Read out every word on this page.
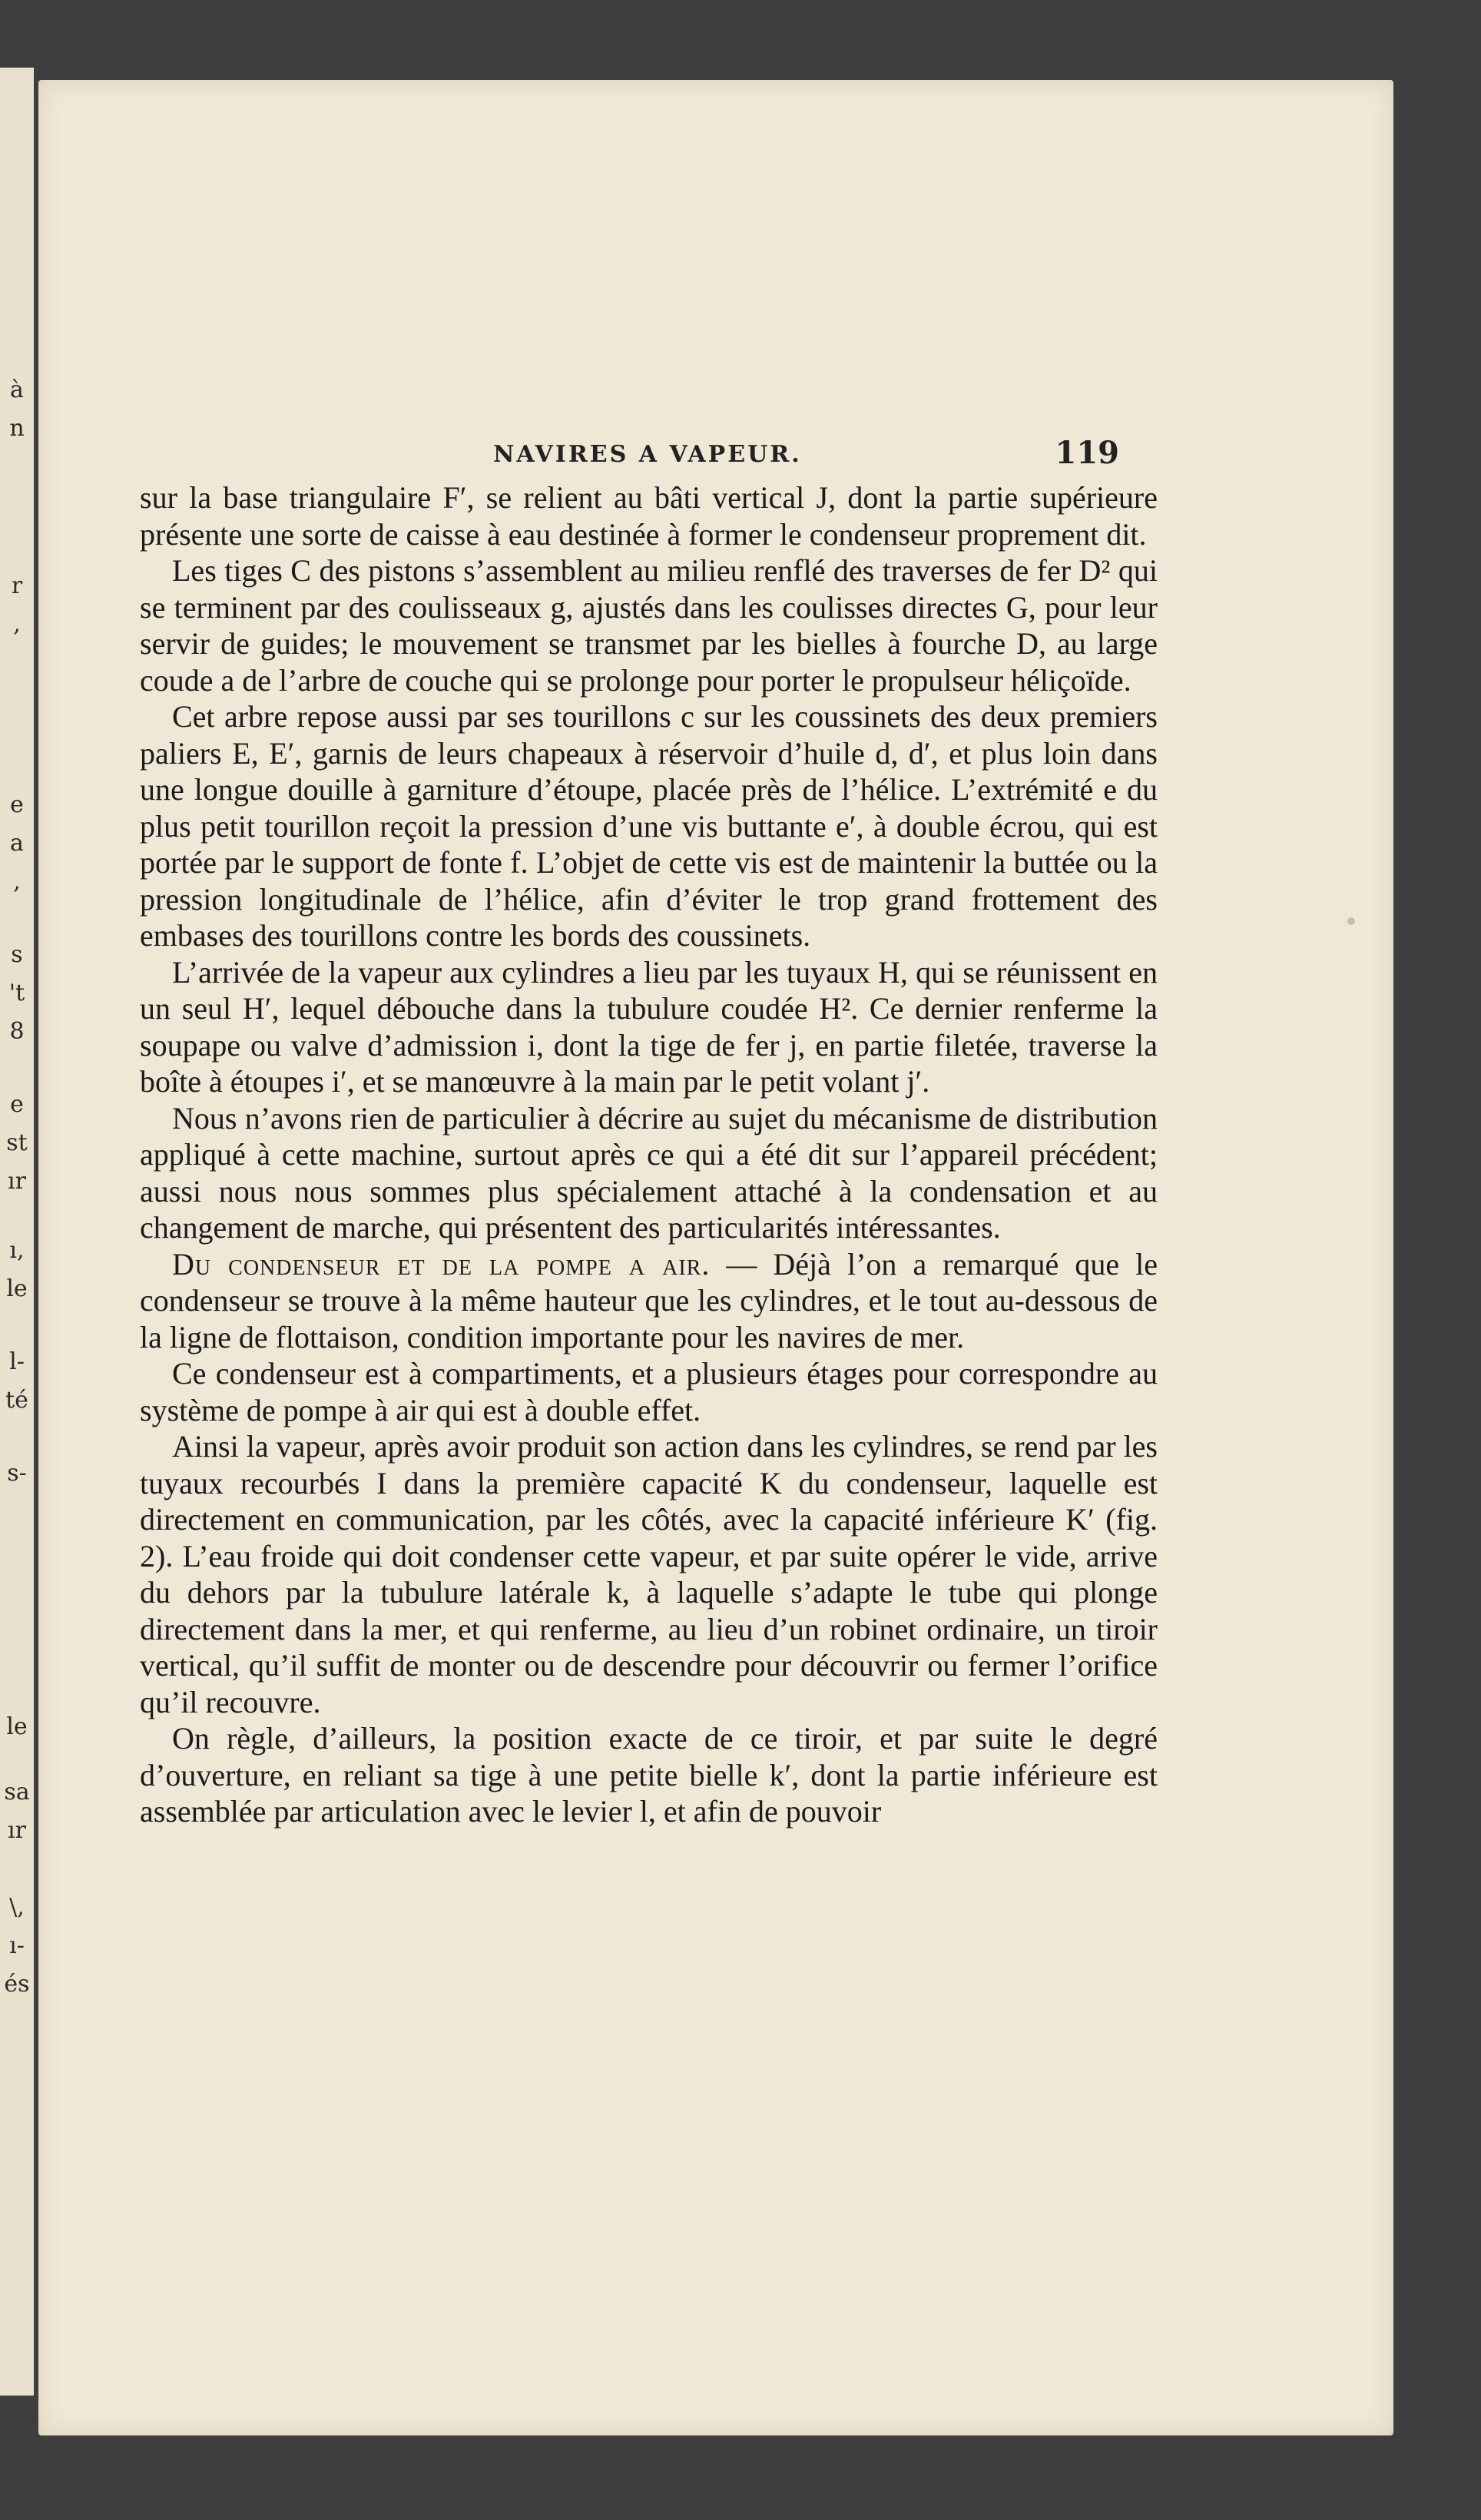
à
n
r
,
e
a
,
s
't
8
e
st
ır
ı,
le
l-
té
s-
le
sa
ır
\,
ı-
és
NAVIRES A VAPEUR.	119

sur la base triangulaire F′, se relient au bâti vertical J, dont la partie supérieure présente une sorte de caisse à eau destinée à former le condenseur proprement dit.

Les tiges C des pistons s’assemblent au milieu renflé des traverses de fer D² qui se terminent par des coulisseaux g, ajustés dans les coulisses directes G, pour leur servir de guides; le mouvement se transmet par les bielles à fourche D, au large coude a de l’arbre de couche qui se prolonge pour porter le propulseur héliçoïde.

Cet arbre repose aussi par ses tourillons c sur les coussinets des deux premiers paliers E, E′, garnis de leurs chapeaux à réservoir d’huile d, d′, et plus loin dans une longue douille à garniture d’étoupe, placée près de l’hélice. L’extrémité e du plus petit tourillon reçoit la pression d’une vis buttante e′, à double écrou, qui est portée par le support de fonte f. L’objet de cette vis est de maintenir la buttée ou la pression longitudinale de l’hélice, afin d’éviter le trop grand frottement des embases des tourillons contre les bords des coussinets.

L’arrivée de la vapeur aux cylindres a lieu par les tuyaux H, qui se réunissent en un seul H′, lequel débouche dans la tubulure coudée H². Ce dernier renferme la soupape ou valve d’admission i, dont la tige de fer j, en partie filetée, traverse la boîte à étoupes i′, et se manœuvre à la main par le petit volant j′.

Nous n’avons rien de particulier à décrire au sujet du mécanisme de distribution appliqué à cette machine, surtout après ce qui a été dit sur l’appareil précédent; aussi nous nous sommes plus spécialement attaché à la condensation et au changement de marche, qui présentent des particularités intéressantes.

Du condenseur et de la pompe a air. — Déjà l’on a remarqué que le condenseur se trouve à la même hauteur que les cylindres, et le tout au-dessous de la ligne de flottaison, condition importante pour les navires de mer.

Ce condenseur est à compartiments, et a plusieurs étages pour correspondre au système de pompe à air qui est à double effet.

Ainsi la vapeur, après avoir produit son action dans les cylindres, se rend par les tuyaux recourbés I dans la première capacité K du condenseur, laquelle est directement en communication, par les côtés, avec la capacité inférieure K′ (fig. 2). L’eau froide qui doit condenser cette vapeur, et par suite opérer le vide, arrive du dehors par la tubulure latérale k, à laquelle s’adapte le tube qui plonge directement dans la mer, et qui renferme, au lieu d’un robinet ordinaire, un tiroir vertical, qu’il suffit de monter ou de descendre pour découvrir ou fermer l’orifice qu’il recouvre.

On règle, d’ailleurs, la position exacte de ce tiroir, et par suite le degré d’ouverture, en reliant sa tige à une petite bielle k′, dont la partie inférieure est assemblée par articulation avec le levier l, et afin de pouvoir
